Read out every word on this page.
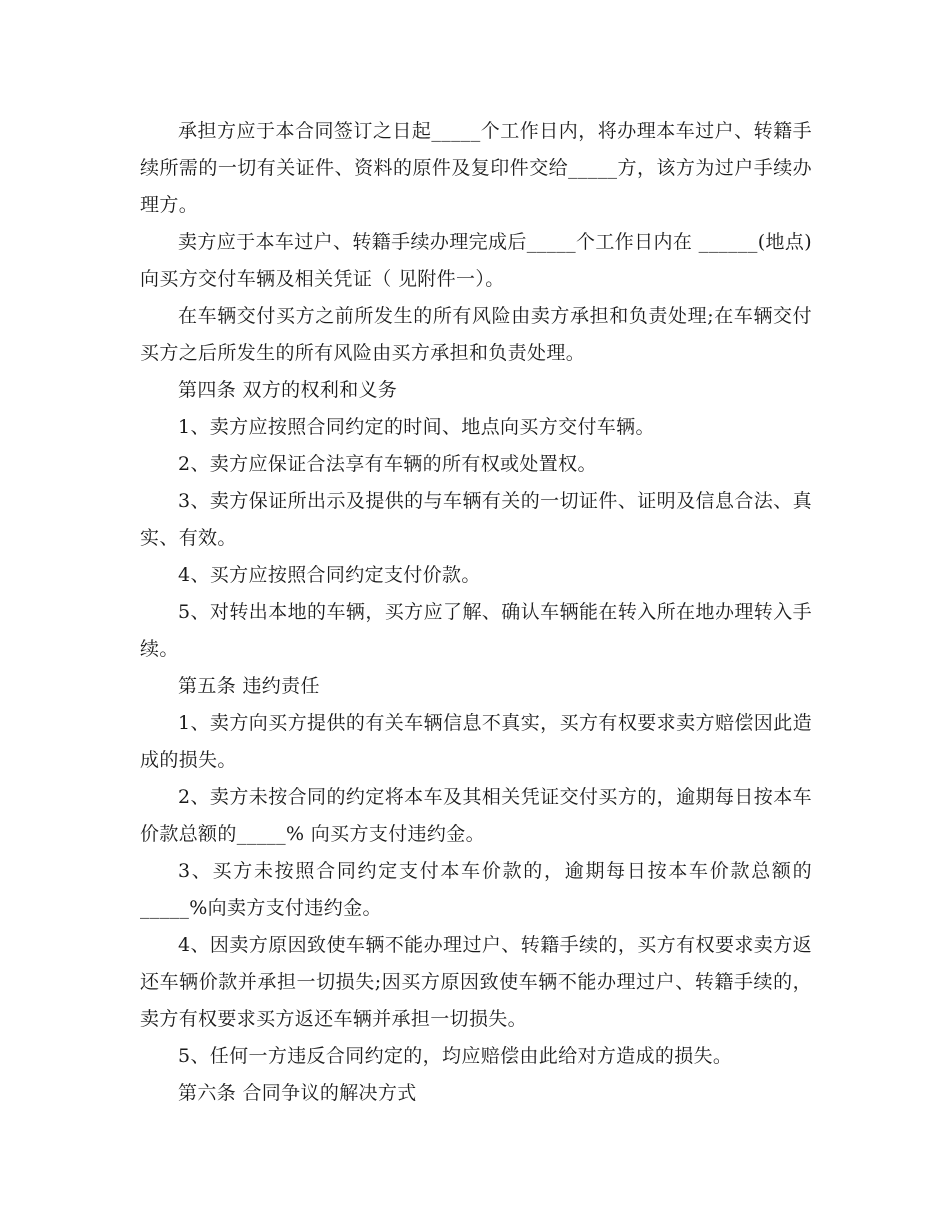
承担方应于本合同签订之日起_____个工作日内，将办理本车过户、转籍手续所需的一切有关证件、资料的原件及复印件交给_____方，该方为过户手续办理方。

卖方应于本车过户、转籍手续办理完成后_____个工作日内在 ______(地点)向买方交付车辆及相关凭证（ 见附件一）。

在车辆交付买方之前所发生的所有风险由卖方承担和负责处理;在车辆交付买方之后所发生的所有风险由买方承担和负责处理。

第四条 双方的权利和义务

1、卖方应按照合同约定的时间、地点向买方交付车辆。

2、卖方应保证合法享有车辆的所有权或处置权。

3、卖方保证所出示及提供的与车辆有关的一切证件、证明及信息合法、真实、有效。

4、买方应按照合同约定支付价款。

5、对转出本地的车辆，买方应了解、确认车辆能在转入所在地办理转入手续。

第五条 违约责任

1、卖方向买方提供的有关车辆信息不真实，买方有权要求卖方赔偿因此造成的损失。

2、卖方未按合同的约定将本车及其相关凭证交付买方的，逾期每日按本车价款总额的_____% 向买方支付违约金。

3、买方未按照合同约定支付本车价款的，逾期每日按本车价款总额的_____%向卖方支付违约金。

4、因卖方原因致使车辆不能办理过户、转籍手续的，买方有权要求卖方返还车辆价款并承担一切损失;因买方原因致使车辆不能办理过户、转籍手续的，卖方有权要求买方返还车辆并承担一切损失。

5、任何一方违反合同约定的，均应赔偿由此给对方造成的损失。

第六条 合同争议的解决方式
